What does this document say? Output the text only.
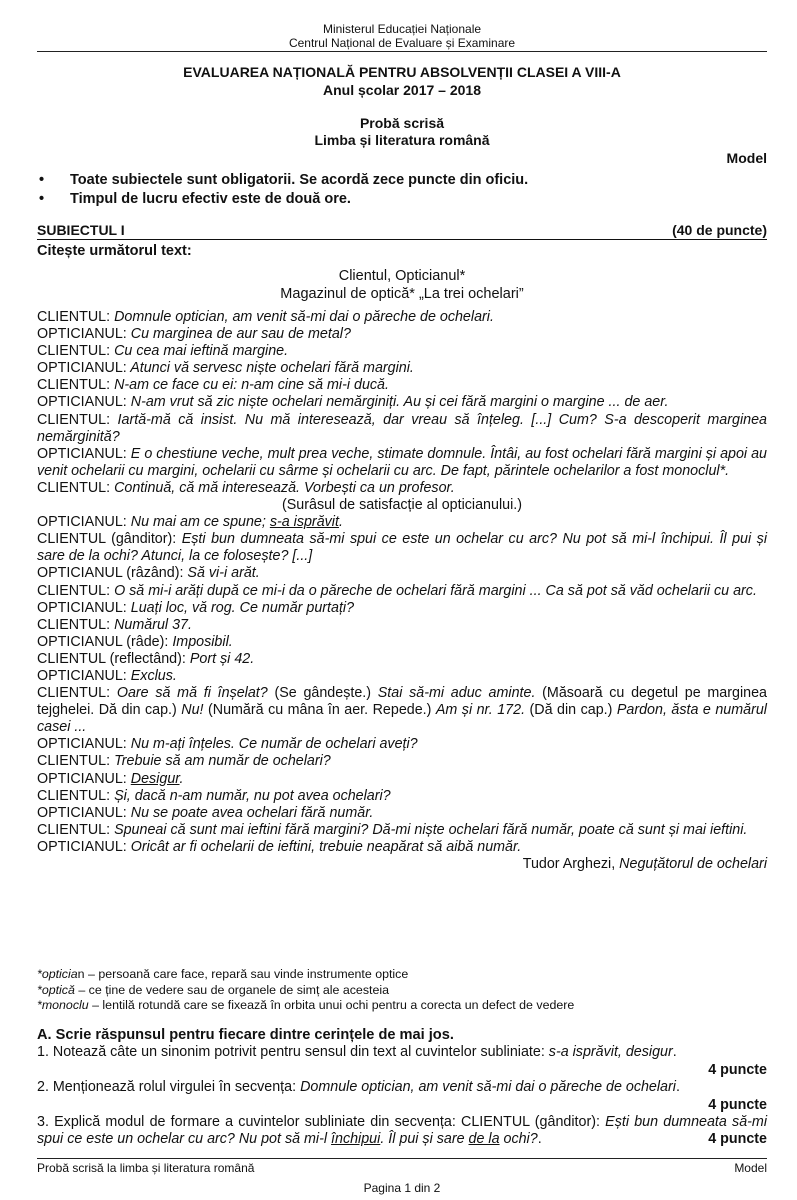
Ministerul Educației Naționale
Centrul Național de Evaluare și Examinare
EVALUAREA NAȚIONALĂ PENTRU ABSOLVENȚII CLASEI A VIII-A
Anul școlar 2017 – 2018
Probă scrisă
Limba și literatura română
Model
• Toate subiectele sunt obligatorii. Se acordă zece puncte din oficiu.
• Timpul de lucru efectiv este de două ore.
SUBIECTUL I	(40 de puncte)
Citește următorul text:
Clientul, Opticianul*
Magazinul de optică* „La trei ochelari”

CLIENTUL: Domnule optician, am venit să-mi dai o păreche de ochelari.

OPTICIANUL: Cu marginea de aur sau de metal?

CLIENTUL: Cu cea mai ieftină margine.

OPTICIANUL: Atunci vă servesc niște ochelari fără margini.

CLIENTUL: N-am ce face cu ei: n-am cine să mi-i ducă.

OPTICIANUL: N-am vrut să zic niște ochelari nemărginiți. Au și cei fără margini o margine ... de aer.

CLIENTUL: Iartă-mă că insist. Nu mă interesează, dar vreau să înțeleg. [...] Cum? S-a descoperit marginea nemărginită?

OPTICIANUL: E o chestiune veche, mult prea veche, stimate domnule. Întâi, au fost ochelari fără margini și apoi au venit ochelarii cu margini, ochelarii cu sârme și ochelarii cu arc. De fapt, părintele ochelarilor a fost monoclul*.

CLIENTUL: Continuă, că mă interesează. Vorbești ca un profesor.

(Surâsul de satisfacție al opticianului.)

OPTICIANUL: Nu mai am ce spune; s-a isprăvit.

CLIENTUL (gânditor): Ești bun dumneata să-mi spui ce este un ochelar cu arc? Nu pot să mi-l închipui. Îl pui și sare de la ochi? Atunci, la ce folosește? [...]

OPTICIANUL (râzând): Să vi-i arăt.

CLIENTUL: O să mi-i arăți după ce mi-i da o păreche de ochelari fără margini ... Ca să pot să văd ochelarii cu arc.

OPTICIANUL: Luați loc, vă rog. Ce număr purtați?

CLIENTUL: Numărul 37.

OPTICIANUL (râde): Imposibil.

CLIENTUL (reflectând): Port și 42.

OPTICIANUL: Exclus.

CLIENTUL: Oare să mă fi înșelat? (Se gândește.) Stai să-mi aduc aminte. (Măsoară cu degetul pe marginea tejghelei. Dă din cap.) Nu! (Numără cu mâna în aer. Repede.) Am și nr. 172. (Dă din cap.) Pardon, ăsta e numărul casei ...

OPTICIANUL: Nu m-ați înțeles. Ce număr de ochelari aveți?

CLIENTUL: Trebuie să am număr de ochelari?

OPTICIANUL: Desigur.

CLIENTUL: Și, dacă n-am număr, nu pot avea ochelari?

OPTICIANUL: Nu se poate avea ochelari fără număr.

CLIENTUL: Spuneai că sunt mai ieftini fără margini? Dă-mi niște ochelari fără număr, poate că sunt și mai ieftini.

OPTICIANUL: Oricât ar fi ochelarii de ieftini, trebuie neapărat să aibă număr.

Tudor Arghezi, Neguțătorul de ochelari

*optician – persoană care face, repară sau vinde instrumente optice

*optică – ce ține de vedere sau de organele de simț ale acesteia

*monoclu – lentilă rotundă care se fixează în orbita unui ochi pentru a corecta un defect de vedere

A. Scrie răspunsul pentru fiecare dintre cerințele de mai jos.

1. Notează câte un sinonim potrivit pentru sensul din text al cuvintelor subliniate: s-a isprăvit, desigur.

4 puncte

2. Menționează rolul virgulei în secvența: Domnule optician, am venit să-mi dai o păreche de ochelari.

4 puncte

3. Explică modul de formare a cuvintelor subliniate din secvența: CLIENTUL (gânditor): Ești bun dumneata să-mi spui ce este un ochelar cu arc? Nu pot să mi-l închipui. Îl pui și sare de la ochi?.	4 puncte
Probă scrisă la limba și literatura română	Model
Pagina 1 din 2
